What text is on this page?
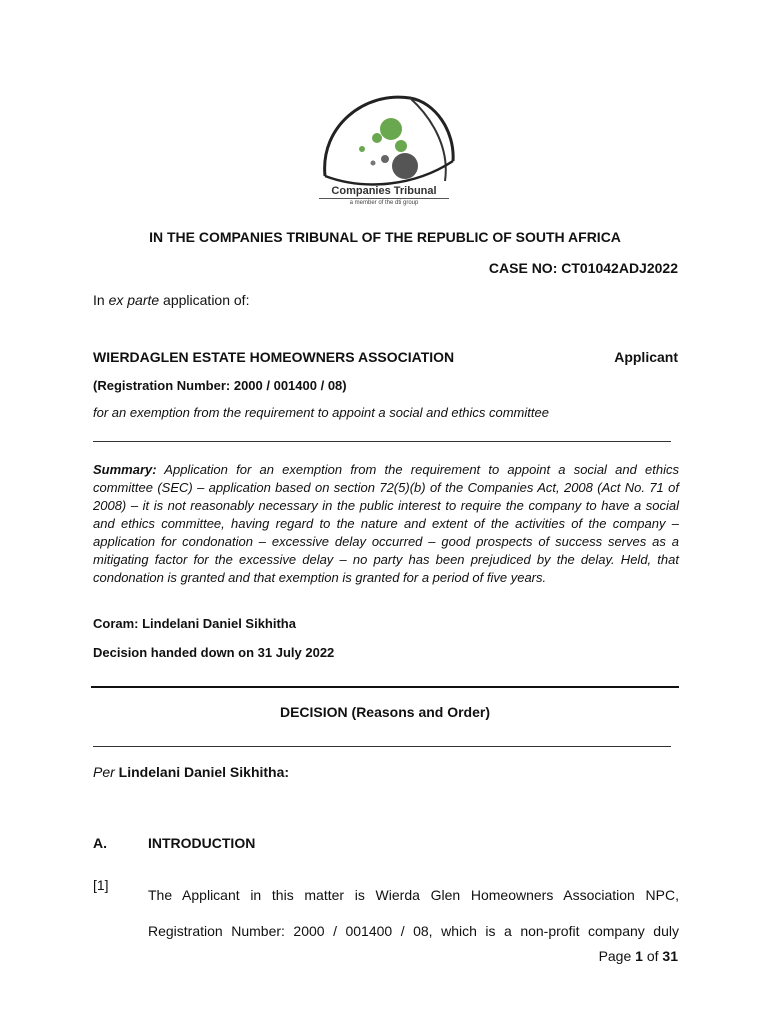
Companies Tribunal
a member of the dti group
IN THE COMPANIES TRIBUNAL OF THE REPUBLIC OF SOUTH AFRICA
CASE NO: CT01042ADJ2022
In ex parte application of:
WIERDAGLEN ESTATE HOMEOWNERS ASSOCIATION	Applicant
(Registration Number: 2000 / 001400 / 08)
for an exemption from the requirement to appoint a social and ethics committee
Summary: Application for an exemption from the requirement to appoint a social and ethics committee (SEC) – application based on section 72(5)(b) of the Companies Act, 2008 (Act No. 71 of 2008) – it is not reasonably necessary in the public interest to require the company to have a social and ethics committee, having regard to the nature and extent of the activities of the company – application for condonation – excessive delay occurred – good prospects of success serves as a mitigating factor for the excessive delay – no party has been prejudiced by the delay. Held, that condonation is granted and that exemption is granted for a period of five years.
Coram: Lindelani Daniel Sikhitha
Decision handed down on 31 July 2022
DECISION (Reasons and Order)
Per Lindelani Daniel Sikhitha:
A.	INTRODUCTION
[1]
The Applicant in this matter is Wierda Glen Homeowners Association NPC, Registration Number: 2000 / 001400 / 08, which is a non-profit company duly
Page 1 of 31
